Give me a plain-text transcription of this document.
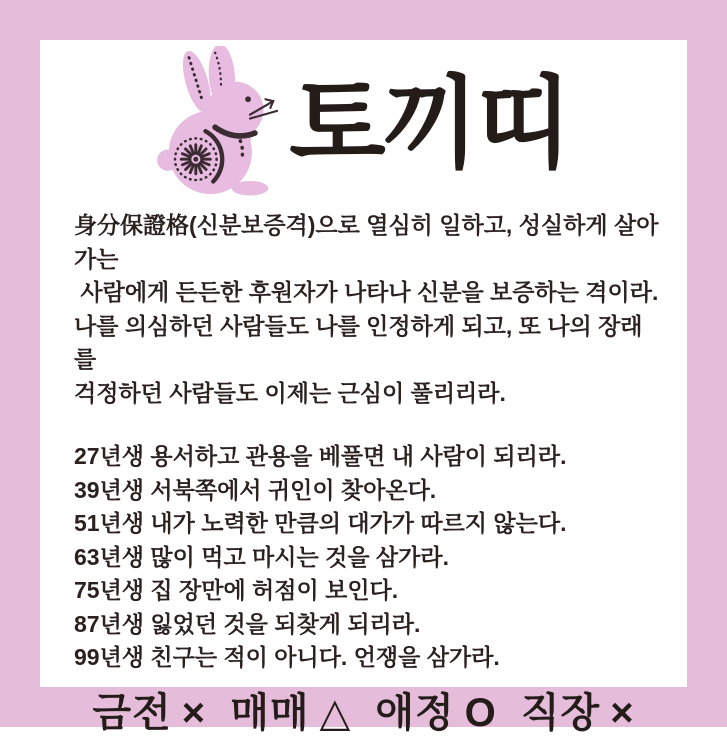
토끼띠
身分保證格(신분보증격)으로 열심히 일하고, 성실하게 살아가는
사람에게 든든한 후원자가 나타나 신분을 보증하는 격이라.
나를 의심하던 사람들도 나를 인정하게 되고, 또 나의 장래를
걱정하던 사람들도 이제는 근심이 풀리리라.
27년생 용서하고 관용을 베풀면 내 사람이 되리라.
39년생 서북쪽에서 귀인이 찾아온다.
51년생 내가 노력한 만큼의 대가가 따르지 않는다.
63년생 많이 먹고 마시는 것을 삼가라.
75년생 집 장만에 허점이 보인다.
87년생 잃었던 것을 되찾게 되리라.
99년생 친구는 적이 아니다. 언쟁을 삼가라.
금전 × 매매 △ 애정 O 직장 ×
